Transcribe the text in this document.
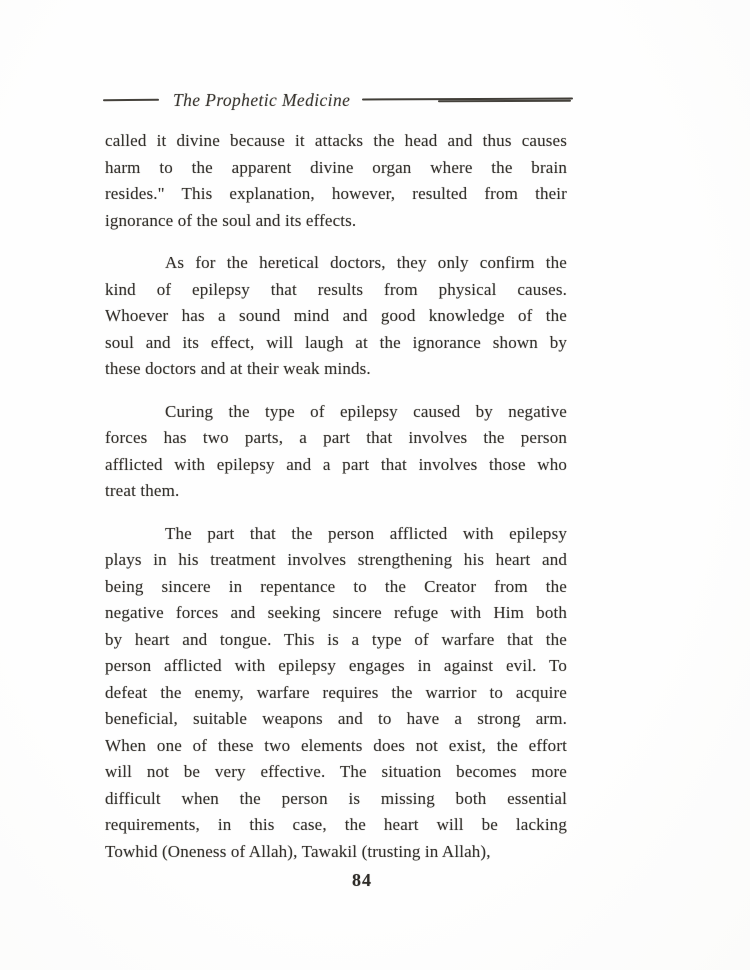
The Prophetic Medicine
called it divine because it attacks the head and thus causes
harm to the apparent divine organ where the brain
resides." This explanation, however, resulted from their
ignorance of the soul and its effects.
As for the heretical doctors, they only confirm the
kind of epilepsy that results from physical causes.
Whoever has a sound mind and good knowledge of the
soul and its effect, will laugh at the ignorance shown by
these doctors and at their weak minds.
Curing the type of epilepsy caused by negative
forces has two parts, a part that involves the person
afflicted with epilepsy and a part that involves those who
treat them.
The part that the person afflicted with epilepsy
plays in his treatment involves strengthening his heart and
being sincere in repentance to the Creator from the
negative forces and seeking sincere refuge with Him both
by heart and tongue. This is a type of warfare that the
person afflicted with epilepsy engages in against evil. To
defeat the enemy, warfare requires the warrior to acquire
beneficial, suitable weapons and to have a strong arm.
When one of these two elements does not exist, the effort
will not be very effective. The situation becomes more
difficult when the person is missing both essential
requirements, in this case, the heart will be lacking
Towhid (Oneness of Allah), Tawakil (trusting in Allah),
84
